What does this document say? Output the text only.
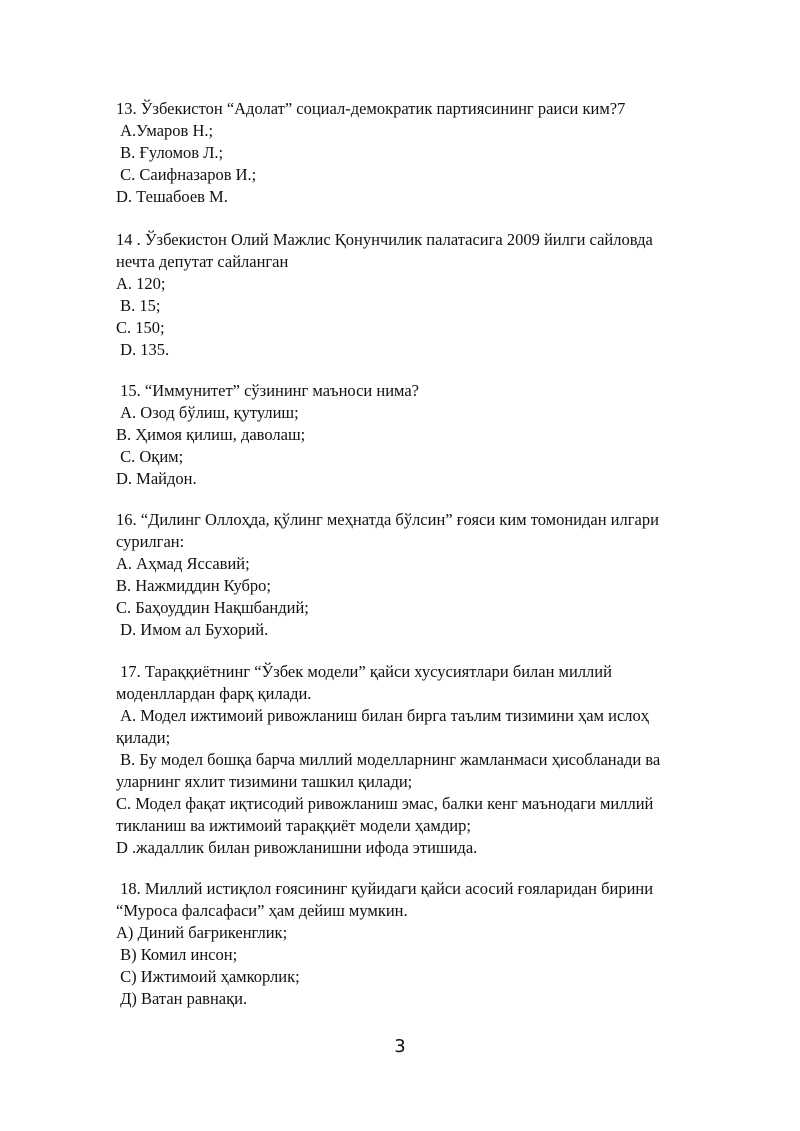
13. Ўзбекистон “Адолат” социал-демократик партиясининг раиси ким?7
A.Умаров Н.;
B. Ғуломов Л.;
C. Саифназаров И.;
D. Тешабоев М.
14 . Ўзбекистон Олий Мажлис Қонунчилик палатасига 2009 йилги сайловда
нечта депутат сайланган
A. 120;
B. 15;
C. 150;
D. 135.
15. “Иммунитет” сўзининг маъноси нима?
A. Озод бўлиш, қутулиш;
B. Ҳимоя қилиш, даволаш;
C. Оқим;
D. Майдон.
16. “Дилинг Оллоҳда, қўлинг меҳнатда бўлсин” ғояси ким томонидан илгари
сурилган:
A. Аҳмад Яссавий;
B. Нажмиддин Кубро;
C. Баҳоуддин Нақшбандий;
D. Имом ал Бухорий.
17. Тараққиётнинг “Ўзбек модели” қайси хусусиятлари билан миллий
моденллардан фарқ қилади.
A. Модел ижтимоий ривожланиш билан бирга таълим тизимини ҳам ислоҳ
қилади;
B. Бу модел бошқа барча миллий моделларнинг жамланмаси ҳисобланади ва
уларнинг яхлит тизимини ташкил қилади;
C. Модел фақат иқтисодий ривожланиш эмас, балки кенг маънодаги миллий
тикланиш ва ижтимоий тараққиёт модели ҳамдир;
D .жадаллик билан ривожланишни ифода этишида.
18. Миллий истиқлол ғоясининг қуйидаги қайси асосий ғояларидан бирини
“Муроса фалсафаси” ҳам дейиш мумкин.
A) Диний бағрикенглик;
B) Комил инсон;
C) Ижтимоий ҳамкорлик;
Д) Ватан равнақи.
3
